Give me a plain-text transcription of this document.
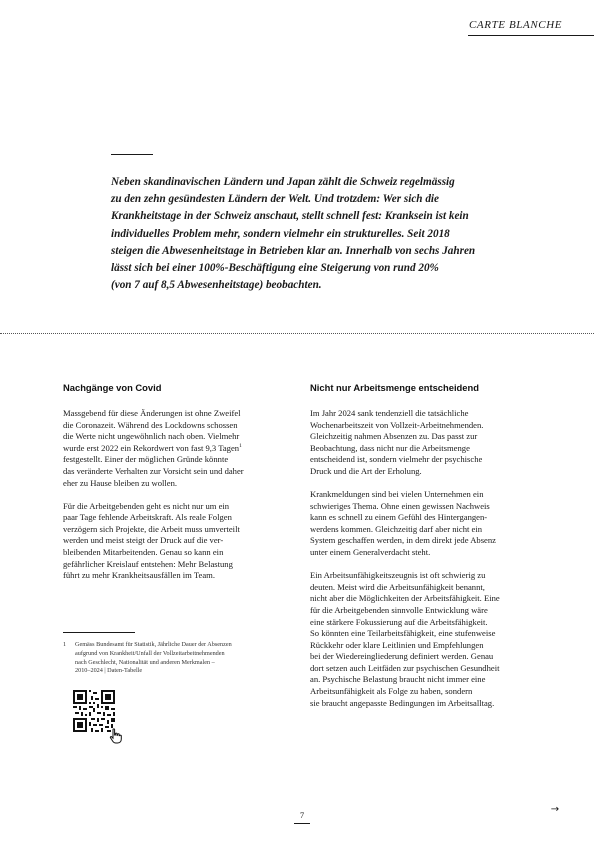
CARTE BLANCHE
Neben skandinavischen Ländern und Japan zählt die Schweiz regelmässig
zu den zehn gesündesten Ländern der Welt. Und trotzdem: Wer sich die
Krankheitstage in der Schweiz anschaut, stellt schnell fest: Kranksein ist kein
individuelles Problem mehr, sondern vielmehr ein strukturelles. Seit 2018
steigen die Abwesenheitstage in Betrieben klar an. Innerhalb von sechs Jahren
lässt sich bei einer 100%-Beschäftigung eine Steigerung von rund 20%
(von 7 auf 8,5 Abwesenheitstage) beobachten.
Nachgänge von Covid

Massgebend für diese Änderungen ist ohne Zweifel
die Coronazeit. Während des Lockdowns schossen
die Werte nicht ungewöhnlich nach oben. Vielmehr
wurde erst 2022 ein Rekordwert von fast 9,3 Tagen$^1$
festgestellt. Einer der möglichen Gründe könnte
das veränderte Verhalten zur Vorsicht sein und daher
eher zu Hause bleiben zu wollen.

Für die Arbeitgebenden geht es nicht nur um ein
paar Tage fehlende Arbeitskraft. Als reale Folgen
verzögern sich Projekte, die Arbeit muss umverteilt
werden und meist steigt der Druck auf die ver-
bleibenden Mitarbeitenden. Genau so kann ein
gefährlicher Kreislauf entstehen: Mehr Belastung
führt zu mehr Krankheitsausfällen im Team.

1 Gemäss Bundesamt für Statistik, Jährliche Dauer der Absenzen
aufgrund von Krankheit/Unfall der Vollzeitarbeitnehmenden
nach Geschlecht, Nationalität und anderen Merkmalen –
2010–2024 | Daten-Tabelle
Nicht nur Arbeitsmenge entscheidend

Im Jahr 2024 sank tendenziell die tatsächliche
Wochenarbeitszeit von Vollzeit-Arbeitnehmenden.
Gleichzeitig nahmen Absenzen zu. Das passt zur
Beobachtung, dass nicht nur die Arbeitsmenge
entscheidend ist, sondern vielmehr der psychische
Druck und die Art der Erholung.

Krankmeldungen sind bei vielen Unternehmen ein
schwieriges Thema. Ohne einen gewissen Nachweis
kann es schnell zu einem Gefühl des Hintergangen-
werdens kommen. Gleichzeitig darf aber nicht ein
System geschaffen werden, in dem direkt jede Absenz
unter einem Generalverdacht steht.

Ein Arbeitsunfähigkeitszeugnis ist oft schwierig zu
deuten. Meist wird die Arbeitsunfähigkeit benannt,
nicht aber die Möglichkeiten der Arbeitsfähigkeit. Eine
für die Arbeitgebenden sinnvolle Entwicklung wäre
eine stärkere Fokussierung auf die Arbeitsfähigkeit.
So könnten eine Teilarbeitsfähigkeit, eine stufenweise
Rückkehr oder klare Leitlinien und Empfehlungen
bei der Wiedereingliederung definiert werden. Genau
dort setzen auch Leitfäden zur psychischen Gesundheit
an. Psychische Belastung braucht nicht immer eine
Arbeitsunfähigkeit als Folge zu haben, sondern
sie braucht angepasste Bedingungen im Arbeitsalltag.

7	→
